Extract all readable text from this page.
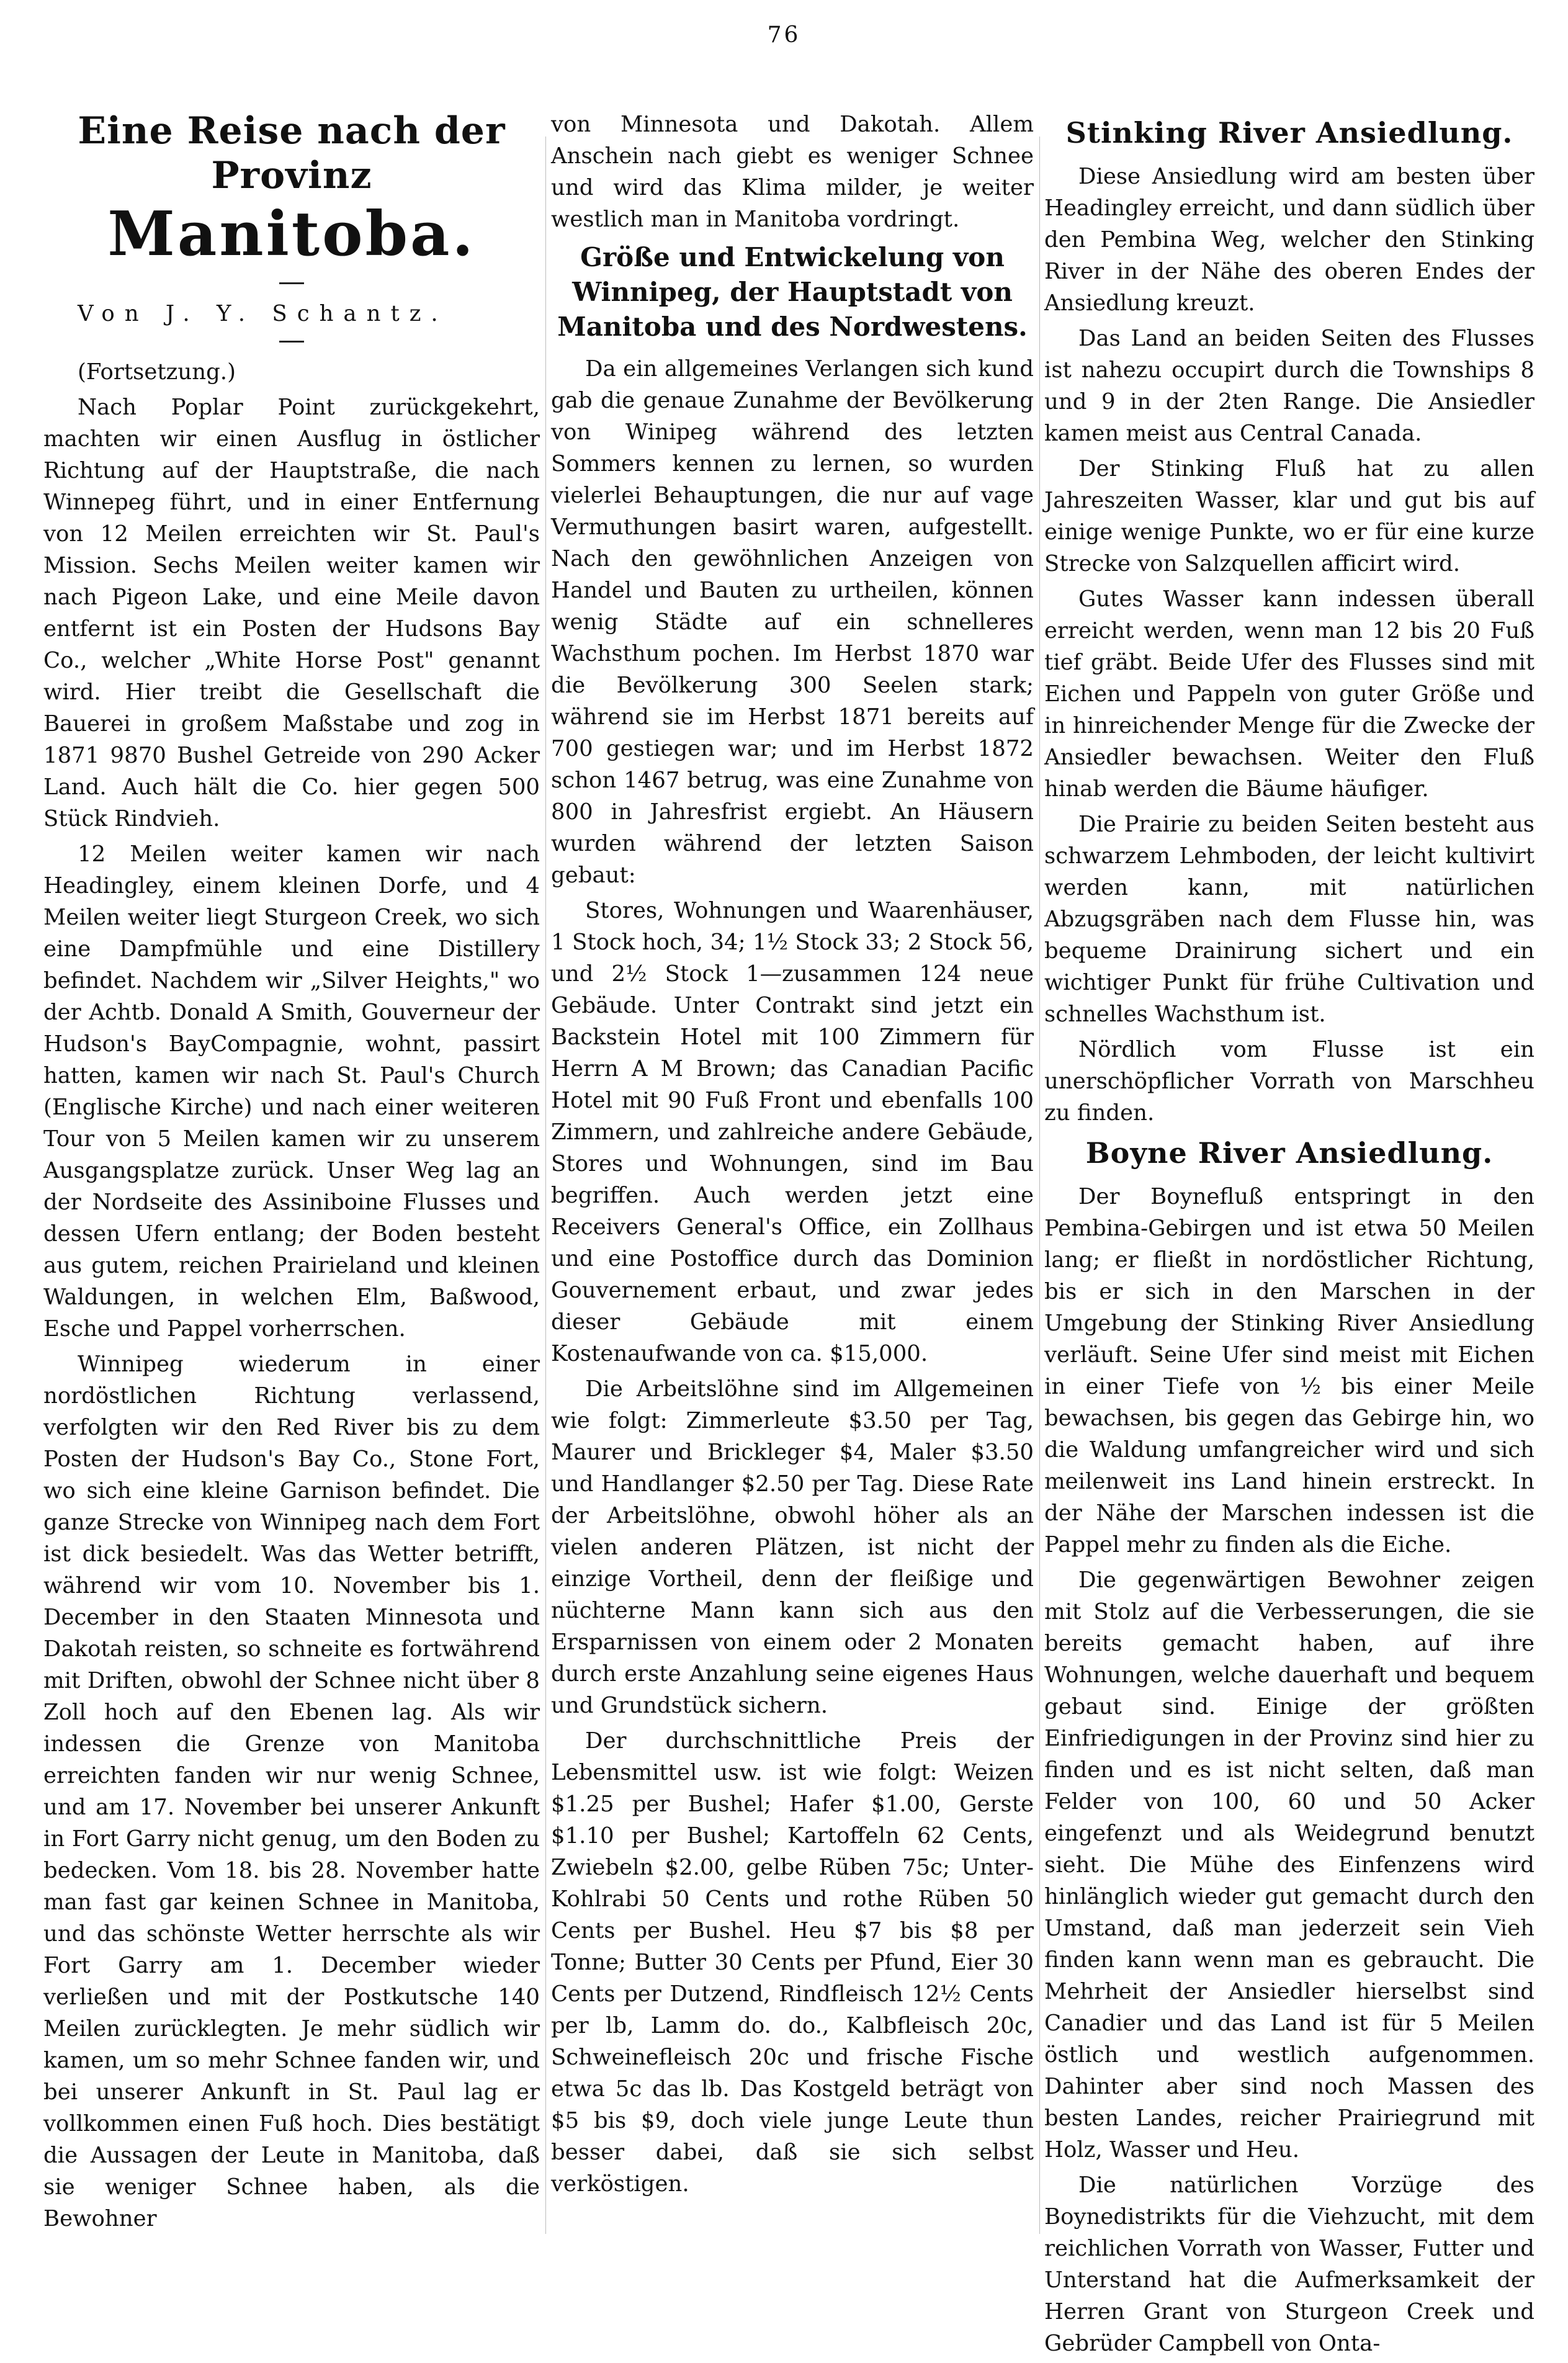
76
Eine Reise nach der Provinz
Manitoba.

Von J. Y. Schantz.

(Fortsetzung.)

Nach Poplar Point zurückgekehrt, machten wir einen Ausflug in östlicher Richtung auf der Hauptstraße, die nach Winnepeg führt, und in einer Entfernung von 12 Meilen erreichten wir St. Paul's Mission. Sechs Meilen weiter kamen wir nach Pigeon Lake, und eine Meile davon entfernt ist ein Posten der Hudsons Bay Co., welcher „White Horse Post" genannt wird. Hier treibt die Gesellschaft die Bauerei in großem Maßstabe und zog in 1871 9870 Bushel Getreide von 290 Acker Land. Auch hält die Co. hier gegen 500 Stück Rindvieh.

12 Meilen weiter kamen wir nach Headingley, einem kleinen Dorfe, und 4 Meilen weiter liegt Sturgeon Creek, wo sich eine Dampfmühle und eine Distillery befindet. Nachdem wir „Silver Heights," wo der Achtb. Donald A Smith, Gouverneur der Hudson's BayCompagnie, wohnt, passirt hatten, kamen wir nach St. Paul's Church (Englische Kirche) und nach einer weiteren Tour von 5 Meilen kamen wir zu unserem Ausgangsplatze zurück. Unser Weg lag an der Nordseite des Assiniboine Flusses und dessen Ufern entlang; der Boden besteht aus gutem, reichen Prairieland und kleinen Waldungen, in welchen Elm, Baßwood, Esche und Pappel vorherrschen.

Winnipeg wiederum in einer nordöstlichen Richtung verlassend, verfolgten wir den Red River bis zu dem Posten der Hudson's Bay Co., Stone Fort, wo sich eine kleine Garnison befindet. Die ganze Strecke von Winnipeg nach dem Fort ist dick besiedelt. Was das Wetter betrifft, während wir vom 10. November bis 1. December in den Staaten Minnesota und Dakotah reisten, so schneite es fortwährend mit Driften, obwohl der Schnee nicht über 8 Zoll hoch auf den Ebenen lag. Als wir indessen die Grenze von Manitoba erreichten fanden wir nur wenig Schnee, und am 17. November bei unserer Ankunft in Fort Garry nicht genug, um den Boden zu bedecken. Vom 18. bis 28. November hatte man fast gar keinen Schnee in Manitoba, und das schönste Wetter herrschte als wir Fort Garry am 1. December wieder verließen und mit der Postkutsche 140 Meilen zurücklegten. Je mehr südlich wir kamen, um so mehr Schnee fanden wir, und bei unserer Ankunft in St. Paul lag er vollkommen einen Fuß hoch. Dies bestätigt die Aussagen der Leute in Manitoba, daß sie weniger Schnee haben, als die Bewohner

von Minnesota und Dakotah. Allem Anschein nach giebt es weniger Schnee und wird das Klima milder, je weiter westlich man in Manitoba vordringt.

Größe und Entwickelung von Winnipeg, der Hauptstadt von Manitoba und des Nordwestens.

Da ein allgemeines Verlangen sich kund gab die genaue Zunahme der Bevölkerung von Winipeg während des letzten Sommers kennen zu lernen, so wurden vielerlei Behauptungen, die nur auf vage Vermuthungen basirt waren, aufgestellt. Nach den gewöhnlichen Anzeigen von Handel und Bauten zu urtheilen, können wenig Städte auf ein schnelleres Wachsthum pochen. Im Herbst 1870 war die Bevölkerung 300 Seelen stark; während sie im Herbst 1871 bereits auf 700 gestiegen war; und im Herbst 1872 schon 1467 betrug, was eine Zunahme von 800 in Jahresfrist ergiebt. An Häusern wurden während der letzten Saison gebaut:

Stores, Wohnungen und Waarenhäuser, 1 Stock hoch, 34; 1½ Stock 33; 2 Stock 56, und 2½ Stock 1—zusammen 124 neue Gebäude. Unter Contrakt sind jetzt ein Backstein Hotel mit 100 Zimmern für Herrn A M Brown; das Canadian Pacific Hotel mit 90 Fuß Front und ebenfalls 100 Zimmern, und zahlreiche andere Gebäude, Stores und Wohnungen, sind im Bau begriffen. Auch werden jetzt eine Receivers General's Office, ein Zollhaus und eine Postoffice durch das Dominion Gouvernement erbaut, und zwar jedes dieser Gebäude mit einem Kostenaufwande von ca. $15,000.

Die Arbeitslöhne sind im Allgemeinen wie folgt: Zimmerleute $3.50 per Tag, Maurer und Brickleger $4, Maler $3.50 und Handlanger $2.50 per Tag. Diese Rate der Arbeitslöhne, obwohl höher als an vielen anderen Plätzen, ist nicht der einzige Vortheil, denn der fleißige und nüchterne Mann kann sich aus den Ersparnissen von einem oder 2 Monaten durch erste Anzahlung seine eigenes Haus und Grundstück sichern.

Der durchschnittliche Preis der Lebensmittel usw. ist wie folgt: Weizen $1.25 per Bushel; Hafer $1.00, Gerste $1.10 per Bushel; Kartoffeln 62 Cents, Zwiebeln $2.00, gelbe Rüben 75c; Unter-Kohlrabi 50 Cents und rothe Rüben 50 Cents per Bushel. Heu $7 bis $8 per Tonne; Butter 30 Cents per Pfund, Eier 30 Cents per Dutzend, Rindfleisch 12½ Cents per lb, Lamm do. do., Kalbfleisch 20c, Schweinefleisch 20c und frische Fische etwa 5c das lb. Das Kostgeld beträgt von $5 bis $9, doch viele junge Leute thun besser dabei, daß sie sich selbst verköstigen.

Stinking River Ansiedlung.

Diese Ansiedlung wird am besten über Headingley erreicht, und dann südlich über den Pembina Weg, welcher den Stinking River in der Nähe des oberen Endes der Ansiedlung kreuzt.

Das Land an beiden Seiten des Flusses ist nahezu occupirt durch die Townships 8 und 9 in der 2ten Range. Die Ansiedler kamen meist aus Central Canada.

Der Stinking Fluß hat zu allen Jahreszeiten Wasser, klar und gut bis auf einige wenige Punkte, wo er für eine kurze Strecke von Salzquellen afficirt wird.

Gutes Wasser kann indessen überall erreicht werden, wenn man 12 bis 20 Fuß tief gräbt. Beide Ufer des Flusses sind mit Eichen und Pappeln von guter Größe und in hinreichender Menge für die Zwecke der Ansiedler bewachsen. Weiter den Fluß hinab werden die Bäume häufiger.

Die Prairie zu beiden Seiten besteht aus schwarzem Lehmboden, der leicht kultivirt werden kann, mit natürlichen Abzugsgräben nach dem Flusse hin, was bequeme Drainirung sichert und ein wichtiger Punkt für frühe Cultivation und schnelles Wachsthum ist.

Nördlich vom Flusse ist ein unerschöpflicher Vorrath von Marschheu zu finden.

Boyne River Ansiedlung.

Der Boynefluß entspringt in den Pembina-Gebirgen und ist etwa 50 Meilen lang; er fließt in nordöstlicher Richtung, bis er sich in den Marschen in der Umgebung der Stinking River Ansiedlung verläuft. Seine Ufer sind meist mit Eichen in einer Tiefe von ½ bis einer Meile bewachsen, bis gegen das Gebirge hin, wo die Waldung umfangreicher wird und sich meilenweit ins Land hinein erstreckt. In der Nähe der Marschen indessen ist die Pappel mehr zu finden als die Eiche.

Die gegenwärtigen Bewohner zeigen mit Stolz auf die Verbesserungen, die sie bereits gemacht haben, auf ihre Wohnungen, welche dauerhaft und bequem gebaut sind. Einige der größten Einfriedigungen in der Provinz sind hier zu finden und es ist nicht selten, daß man Felder von 100, 60 und 50 Acker eingefenzt und als Weidegrund benutzt sieht. Die Mühe des Einfenzens wird hinlänglich wieder gut gemacht durch den Umstand, daß man jederzeit sein Vieh finden kann wenn man es gebraucht. Die Mehrheit der Ansiedler hierselbst sind Canadier und das Land ist für 5 Meilen östlich und westlich aufgenommen. Dahinter aber sind noch Massen des besten Landes, reicher Prairiegrund mit Holz, Wasser und Heu.

Die natürlichen Vorzüge des Boynedistrikts für die Viehzucht, mit dem reichlichen Vorrath von Wasser, Futter und Unterstand hat die Aufmerksamkeit der Herren Grant von Sturgeon Creek und Gebrüder Campbell von Onta-
